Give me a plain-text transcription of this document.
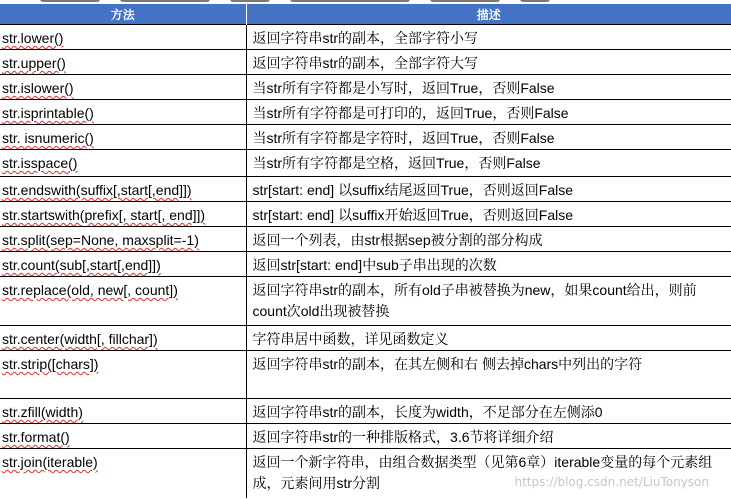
方法	描述
str.lower()	返回字符串str的副本，全部字符小写
str.upper()	返回字符串str的副本，全部字符大写
str.islower()	当str所有字符都是小写时，返回True，否则False
str.isprintable()	当str所有字符都是可打印的，返回True，否则False
str. isnumeric()	当str所有字符都是字符时，返回True，否则False
str.isspace()	当str所有字符都是空格，返回True，否则False
str.endswith(suffix[,start[,end]])	str[start: end] 以suffix结尾返回True，否则返回False
str.startswith(prefix[, start[, end]])	str[start: end] 以suffix开始返回True，否则返回False
str.split(sep=None, maxsplit=-1)	返回一个列表，由str根据sep被分割的部分构成
str.count(sub[,start[,end]])	返回str[start: end]中sub子串出现的次数
str.replace(old, new[, count])	返回字符串str的副本，所有old子串被替换为new，如果count给出，则前count次old出现被替换
str.center(width[, fillchar])	字符串居中函数，详见函数定义
str.strip([chars])	返回字符串str的副本，在其左侧和右 侧去掉chars中列出的字符
str.zfill(width)	返回字符串str的副本，长度为width，不足部分在左侧添0
str.format()	返回字符串str的一种排版格式，3.6节将详细介绍
str.join(iterable)	返回一个新字符串，由组合数据类型（见第6章）iterable变量的每个元素组成，元素间用str分割	https://blog.csdn.net/LiuTonyson
